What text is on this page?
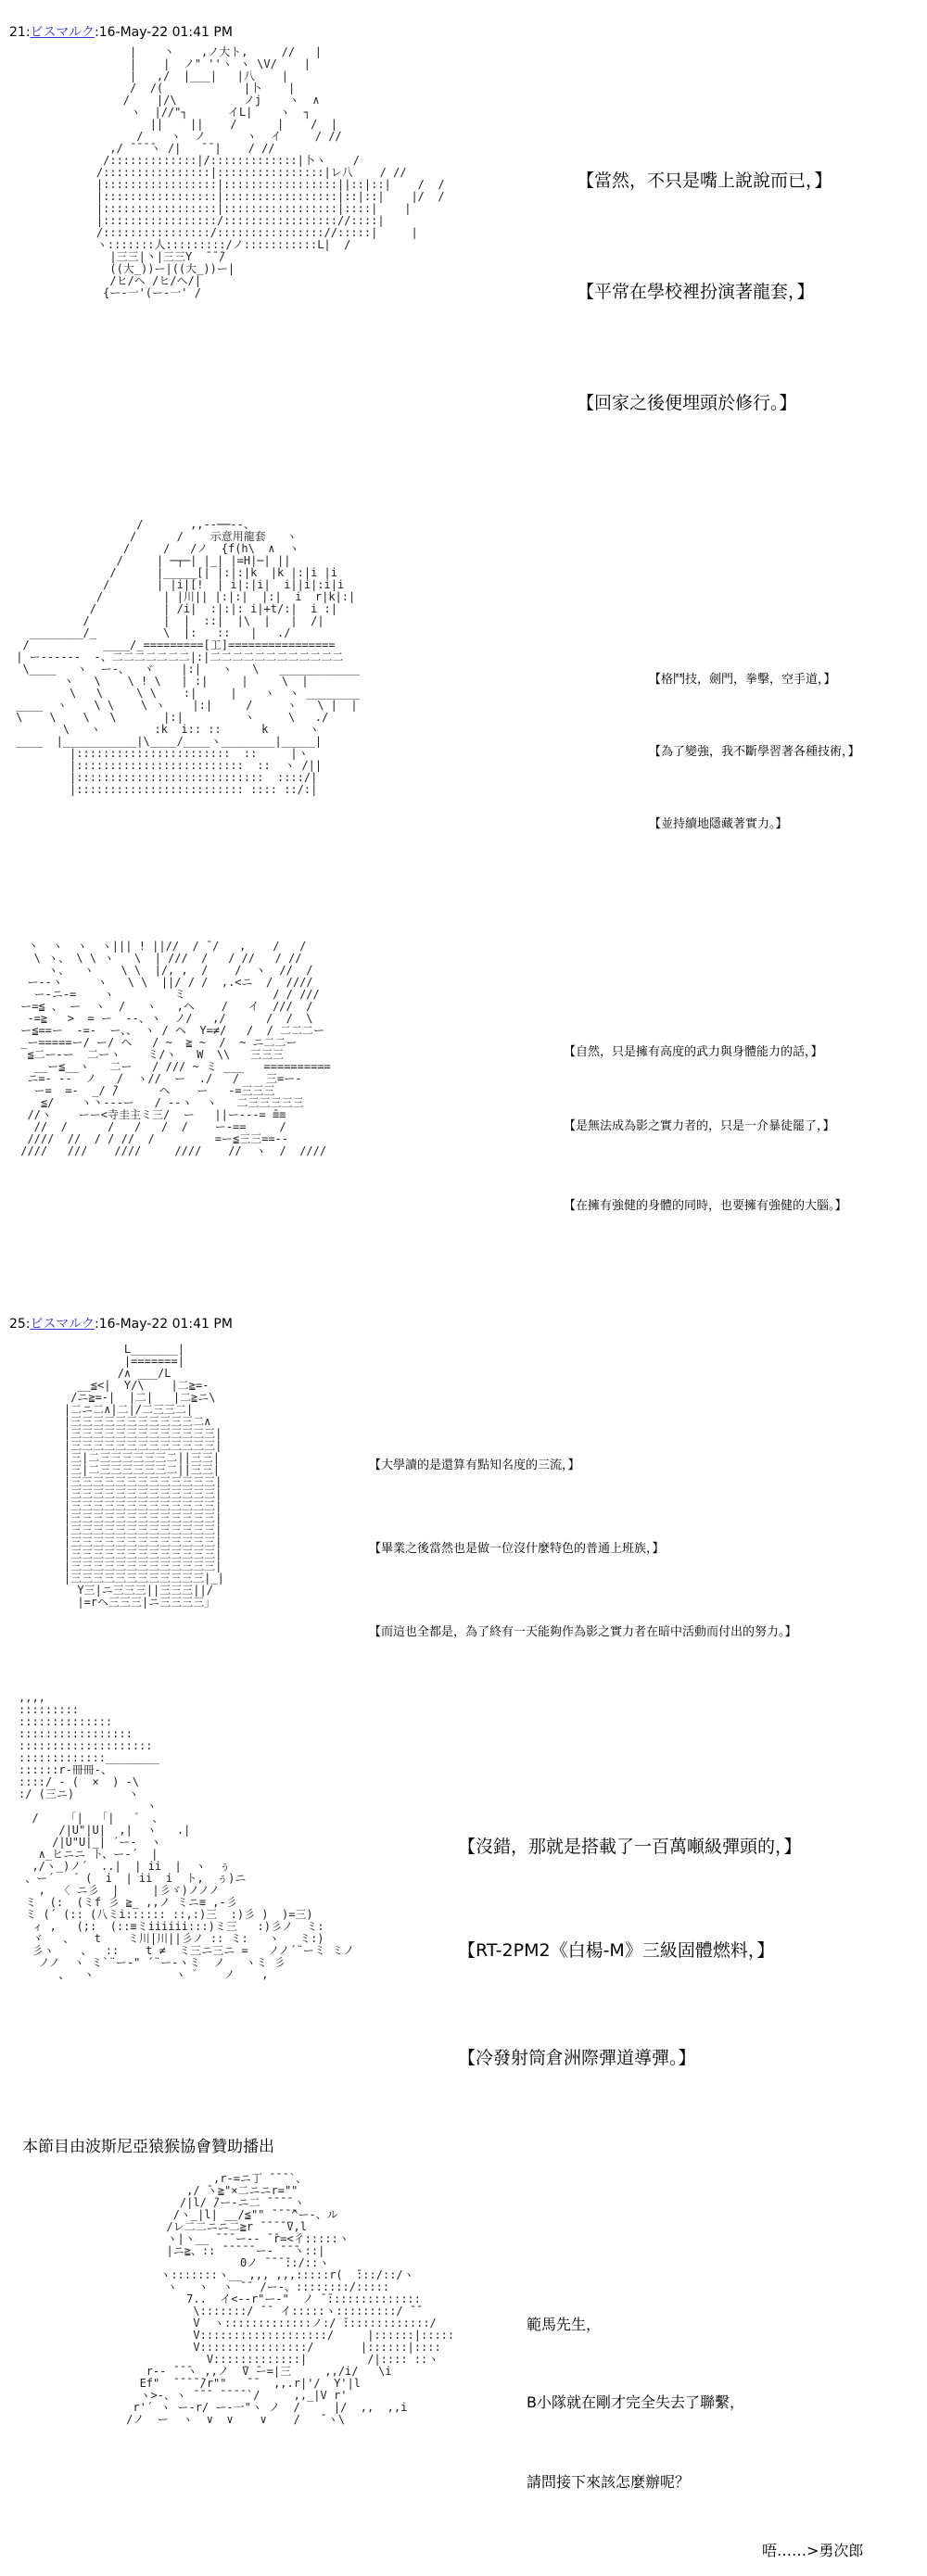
21:ビスマルク:16-May-22 01:41 PM
|    丶    ,ノ大ト,     //   |
|    |  ノ" ''ヽ ヽ \V/    |
|   ,/  |___|   |八    |
/  /(            |卜    |
/    |/\          ノj    ヽ  ∧
ヽ  |//"┐      イL|    ヽ  ┐
||    ||    /      |    /  |
/    ヽ  ノ      ヽ  イ     / //
,/ ̄ ̄ ̄ ̄ヽ /|   ̄ ̄ |    / //
/:::::::::::::|/:::::::::::::|卜ヽ    /
/::::::::::::::::|::::::::::::::::|レ八    / //
|:::::::::::::::::|:::::::::::::::::||::|::|    /  /
|:::::::::::::::::|:::::::::::::::::|::|::|    |/  /
|:::::::::::::::::|:::::::::::::::::|::::|    |
|:::::::::::::::::/::::::::::::::::://::::|
/::::::::::::::::/:::::::::::::::://:::::|     |
ヽ:::::::人:::::::::/ノ:::::::::::L|  /
|三三|丶|三三Y  ̄ ̄ ̄/
((大_))ー|((大_))ー|
/ヒ/ヘ /ヒ/ヘ/|
{ー-一'(ー-一' /

【當然，不只是嘴上說說而已，】
【平常在學校裡扮演著龍套，】
【回家之後便埋頭於修行。】
/       ,,--──--、
/      /    示意用龍套   ヽ
/     /   /ノ  {f(h\  ∧  ヽ
/     | ─┬─| |_| |=H|─| ||
/      |_____[| |:|:|k  |k |:|i |i
/       | |i|[!  | i|:|i|  i||i|:i|i
/         | |川|| |:|:|  |:|  i  r|k|:|
/          | /i|  :|:|: i|+t/:|  i :|
/           |  |  ::|  |\  |   |  /|
________/_          \  |:   ::   |   ./
/           ____/_=========[工]================
| ー------  -、二二二二二二二|:|二二二二二二二二二二二二
\____   ヽ  ー-、  ヾ    |:|   ヽ   \   ____________
ヽ   \    \ ! \   | :|     |     \  |
\   \     \ \    :|     |    ヽ  ヽ ________
____  ヽ    \ \    \ ヽ    |:|     /     ヽ   \ |  |
\    \    \   \       |:|         ヽ     \   ./
\   ヽ        :k  i:: ::      k      ヽ
____  |___________|\____/____ヽ________|_____|
|:::::::::::::::::::::::  ::     |ヽ
|:::::::::::::::::::::::::  ::  ヽ /||
|::::::::::::::::::::::::::::  ::::/|
|::::::::::::::::::::::::: :::: ::/:|

【格鬥技，劍門，拳擊，空手道，】
【為了變強，我不斷學習著各種技術，】
【並持續地隱藏著實力。】
丶  ヽ  ヽ  ヽ||| ! ||//  / ̄ /   ,    /   /
\ ヽ、 \ \ ヽ   \  | ///  /   / //   / //
ヽ、  ヽ    \ \  |/, ,  /    /  ヽ  //  /
ー--ヽ     ヽ   \ \  ||/ / /  ,.<ニ  /  ////
ー-ニ-=    ヽ         ミ             / / ///
ー=≦ 、 ー  ヽ  /   ヽ   ,ヘ    /   イ  ///  /
-=≧   >  = ー  --、ヽ  ノ/   ,/      /  /  \
ー≦==ー  -=-  ー、、 ヽ / ヘ  Y=≠/   /  / 二二二ー
_ー=====ー/ ー/ ヘ   / ~  ≧ ~  /  ~ ニ二二ー
≦二ー-ー  二ーヽ    ミ/ヽ   W  \\   三三三
__ー≦__ヽ   二ー   / /// ~ ミ ___   ==========
ニ=- --  ノ   /  ヽ//  ー  ./   /    三=ー-
ー=  =-  _/ ̄/      ヘ    ー   -=三三三
≦/    ヽ丶---ー   / --ヽ  ヽ   二三三三三三
//ヽ    ーー<寺圭主ミ三/  ー   ||ー---= ̄≡≡
//  /      /   /   /  /    ー-==     /
////  //  / / //  /         =ー≦三三==--
////   ///    ////     ////    //  ヽ  /  ////

【自然，只是擁有高度的武力與身體能力的話，】
【是無法成為影之實力者的，只是一介暴徒罷了，】
【在擁有強健的身體的同時，也要擁有強健的大腦。】
25:ビスマルク:16-May-22 01:41 PM
L_______|
|=======|
/∧ ___/L
__≦<|  Y/\    |二≧=-
/ニ≧=-|  |二|   |二≧ニ\
|二ニ二∧|二|/二三三二|
|三三三三三三三三三三三二∧
|三三三三三三三三三三三三三|
|三三三三三三三三三三三三三|
|三|二三三三三三三二||三三|
|三|二三三三三三三二||三三|
|三三三三三三三三三三三三三|
|三三三三三三三三三三三三三|
|三三三三三三三三三三三三三|
|三三三三三三三三三三三三三|
|三三三三三三三三三三三三三|
|三三三三三三三三三三三三三|
|三三三三三三三三三三三三三|
|三三三三三三三三三三三三三|
|三三三三三三三三三三三三|_|
Y三|ニ三三三||三三三||/
|=rヘ三三三|ニ三三三三」

【大學讀的是還算有點知名度的三流，】
【畢業之後當然也是做一位沒什麼特色的普通上班族，】
【而這也全都是，為了終有一天能夠作為影之實力者在暗中活動而付出的努力。】
,,,,
:::::::::
::::::::::::::
:::::::::::::::::
::::::::::::::::::::
:::::::::::::________
::::::r-冊冊-、
::::/ - (  ×  ) -\
:/ (三ニ)        ヽ
ヽ
/    「|  「|   ゛ 、
/|U"|U|  ,|  ヽ   .|
/|U"U|_| ´ー-  ヽ
∧_ヒニニ ト、ー-´  |
,/ヽ_)ノ´  ..|  | ii  |  ヽ  ぅ
、ー´   ゛(  i  | ii  i  ト,  ぅ)ニ
,  〈 ニ彡  |     |彡ゞ)ノノノ
ミ  (:  (ミf 彡 ≧_ ,,ノ ミニ≡ ,-彡
ミ (´ (:: (八ミi:::::: ::,:)三  :)彡 )  )=三)
ィ ,   (;:  (::≡ミiiiiii:::)ミ三   :)彡ノ  ミ:
ヾ   、   t    ミ川|川||彡ノ :: ミ:   ヽ   ミ:)
彡ヽ    、  ::    t ≠  ミ三ニ三ニ =   ノノ´¨ーミ ミノ
ノノ  ヽ ミ`¨ー-" ´¨ー-ヽミ  ノ   ヽミ 彡
、  ヽ            ヽ ゛   ノ    ,

【沒錯，那就是搭載了一百萬噸級彈頭的，】
【RT-2PM2《白楊-M》三級固體燃料，】
【冷發射筒倉洲際彈道導彈。】
本節目由波斯尼亞猿猴協會贊助播出
,r-=ニ丁 ̄ ̄ ̄ `、
,/ ̄ヽ≧"×二ニニr=""
/|l/ ̄/ー-ニ二 ̄ ̄ ̄ ̄ ヽ
/ヽ_|l| __/≦"" ̄ ̄ ̄ ̄^ー-、ル
/レ二二ニニ二≧r ̄ ̄ ̄ ̄ ̄V,l
ヽ|ヽ__ ̄ ̄ ̄ ー-- ̄ ̄r=<彳:::::ヽ
|ニ≧、:: ̄ ̄ ̄ ̄ ̄ ー- ̄ ̄ ̄ヽ::|
0ノ ̄ ̄ ̄ ̄::/::ヽ
ヽ:::::::ヽ__ ,,, ,,,:::::r(  ̄:::/::/ヽ
ヽ   ヽ  ヽ ̄ ̄  /ー-、::::::::/:::::
7..  イ<--r"ー-"  ノ ̄ ̄::::::::::::::
\:::::::/ ̄ ̄  イ:::::ヽ:::::::::/ ̄ ̄
V  ヽ:::::::::::::ノ:/ ̄:::::::::::::/
V:::::::::::::::::::/     |::::::|:::::
V::::::::::::::::/       |::::::|::::
V:::::::::::::|         /|:::: ::ヽ
r-- ̄ ̄ ̄ヽ ,,ノ  ̄V ̄ー=|三     ,,/i/   \i
Ef"  ̄ ̄ ̄ ̄ ̄/r""   ̄ ̄   ,,.r|'/  Y'|l
ヽ>-、ヽ ̄ ̄ ̄  ̄ ̄ ̄ ̄ `/     ,,_|V r'
r'´ ヽ ー-r/ ー-一"ヽ ノ  /     |/  ,,  ,,i
/ノ  ー  ヽ  ∨  ∨    ∨    /   ̄ ヽ\

範馬先生，
B小隊就在剛才完全失去了聯繫，
請問接下來該怎麼辦呢？
唔……>勇次郎
